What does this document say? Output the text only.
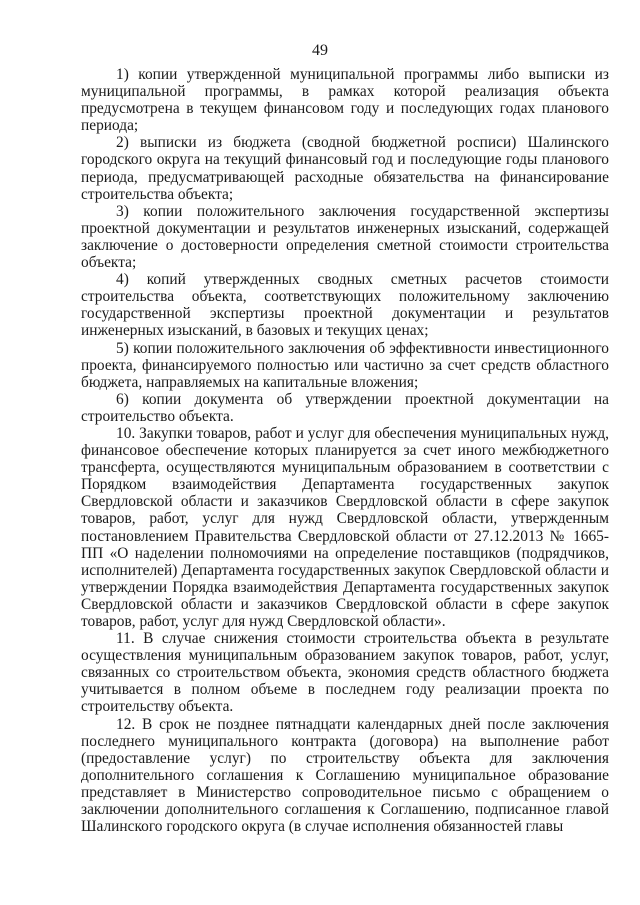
49

1) копии утвержденной муниципальной программы либо выписки из муниципальной программы, в рамках которой реализация объекта предусмотрена в текущем финансовом году и последующих годах планового периода;

2) выписки из бюджета (сводной бюджетной росписи) Шалинского городского округа на текущий финансовый год и последующие годы планового периода, предусматривающей расходные обязательства на финансирование строительства объекта;

3) копии положительного заключения государственной экспертизы проектной документации и результатов инженерных изысканий, содержащей заключение о достоверности определения сметной стоимости строительства объекта;

4) копий утвержденных сводных сметных расчетов стоимости строительства объекта, соответствующих положительному заключению государственной экспертизы проектной документации и результатов инженерных изысканий, в базовых и текущих ценах;

5) копии положительного заключения об эффективности инвестиционного проекта, финансируемого полностью или частично за счет средств областного бюджета, направляемых на капитальные вложения;

6) копии документа об утверждении проектной документации на строительство объекта.

10. Закупки товаров, работ и услуг для обеспечения муниципальных нужд, финансовое обеспечение которых планируется за счет иного межбюджетного трансферта, осуществляются муниципальным образованием в соответствии с Порядком взаимодействия Департамента государственных закупок Свердловской области и заказчиков Свердловской области в сфере закупок товаров, работ, услуг для нужд Свердловской области, утвержденным постановлением Правительства Свердловской области от 27.12.2013 № 1665-ПП «О наделении полномочиями на определение поставщиков (подрядчиков, исполнителей) Департамента государственных закупок Свердловской области и утверждении Порядка взаимодействия Департамента государственных закупок Свердловской области и заказчиков Свердловской области в сфере закупок товаров, работ, услуг для нужд Свердловской области».

11. В случае снижения стоимости строительства объекта в результате осуществления муниципальным образованием закупок товаров, работ, услуг, связанных со строительством объекта, экономия средств областного бюджета учитывается в полном объеме в последнем году реализации проекта по строительству объекта.

12. В срок не позднее пятнадцати календарных дней после заключения последнего муниципального контракта (договора) на выполнение работ (предоставление услуг) по строительству объекта для заключения дополнительного соглашения к Соглашению муниципальное образование представляет в Министерство сопроводительное письмо с обращением о заключении дополнительного соглашения к Соглашению, подписанное главой Шалинского городского округа (в случае исполнения обязанностей главы
